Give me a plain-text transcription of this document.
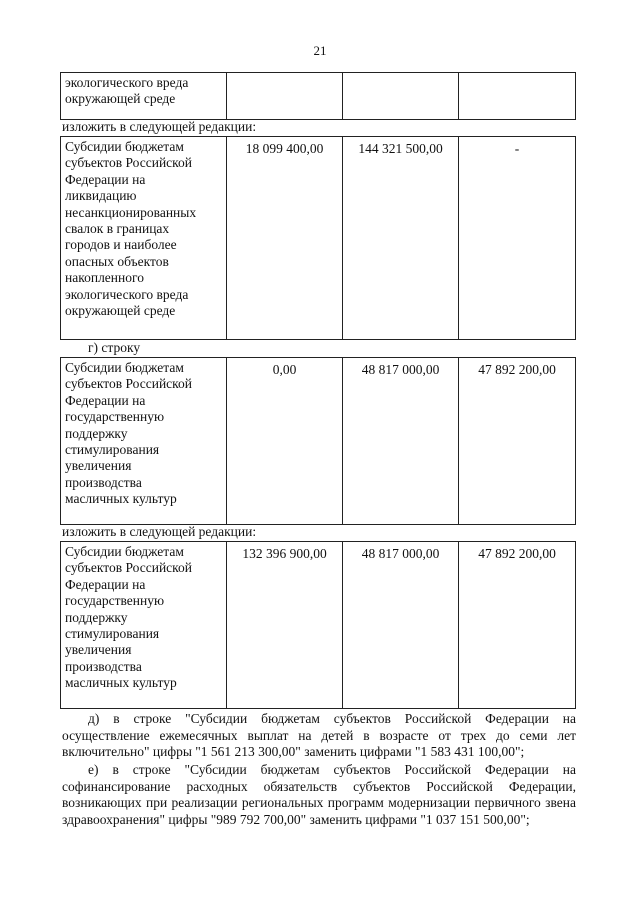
21
экологического вреда
окружающей среде			
изложить в следующей редакции:
Субсидии бюджетам
субъектов Российской
Федерации на
ликвидацию
несанкционированных
свалок в границах
городов и наиболее
опасных объектов
накопленного
экологического вреда
окружающей среде	18 099 400,00	144 321 500,00	-
г) строку
Субсидии бюджетам
субъектов Российской
Федерации на
государственную
поддержку
стимулирования
увеличения
производства
масличных культур	0,00	48 817 000,00	47 892 200,00
изложить в следующей редакции:
Субсидии бюджетам
субъектов Российской
Федерации на
государственную
поддержку
стимулирования
увеличения
производства
масличных культур	132 396 900,00	48 817 000,00	47 892 200,00
д) в строке "Субсидии бюджетам субъектов Российской Федерации на осуществление ежемесячных выплат на детей в возрасте от трех до семи лет включительно" цифры "1 561 213 300,00" заменить цифрами "1 583 431 100,00";
е) в строке "Субсидии бюджетам субъектов Российской Федерации на софинансирование расходных обязательств субъектов Российской Федерации, возникающих при реализации региональных программ модернизации первичного звена здравоохранения" цифры "989 792 700,00" заменить цифрами "1 037 151 500,00";
